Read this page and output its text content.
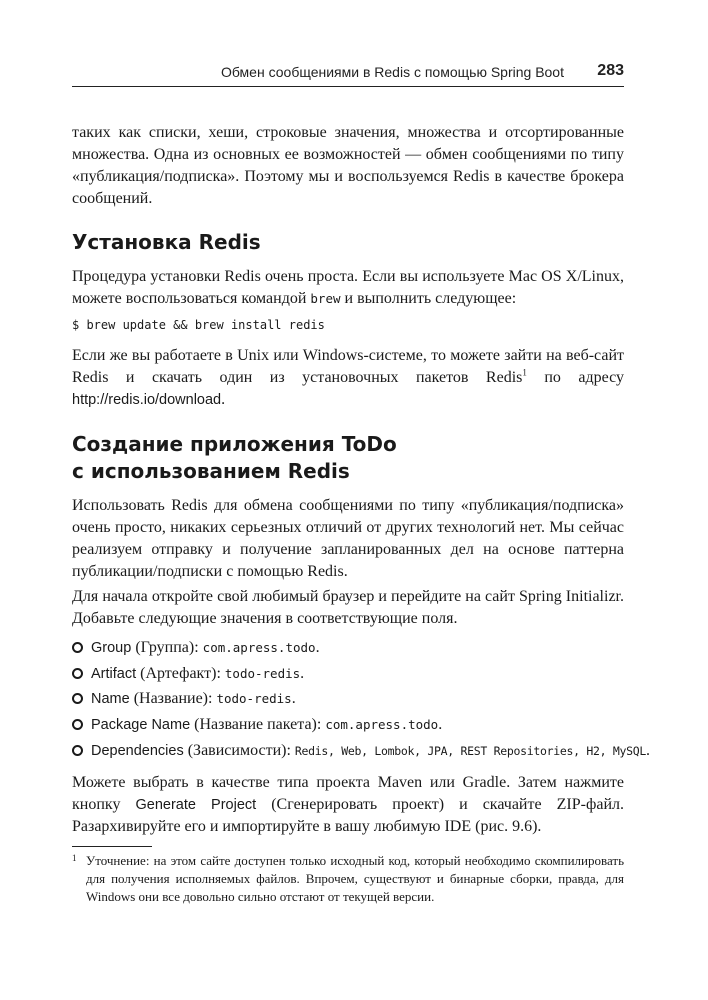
Обмен сообщениями в Redis с помощью Spring Boot 283

таких как списки, хеши, строковые значения, множества и отсортированные множества. Одна из основных ее возможностей — обмен сообщениями по типу «публикация/подписка». Поэтому мы и воспользуемся Redis в качестве брокера сообщений.

Установка Redis

Процедура установки Redis очень проста. Если вы используете Mac OS X/Linux, можете воспользоваться командой brew и выполнить следующее:

$ brew update && brew install redis

Если же вы работаете в Unix или Windows-системе, то можете зайти на веб-сайт Redis и скачать один из установочных пакетов Redis$^1$ по адресу http://redis.io/download.

Создание приложения ToDo
с использованием Redis

Использовать Redis для обмена сообщениями по типу «публикация/подписка» очень просто, никаких серьезных отличий от других технологий нет. Мы сейчас реализуем отправку и получение запланированных дел на основе паттерна публикации/подписки с помощью Redis.

Для начала откройте свой любимый браузер и перейдите на сайт Spring Initializr. Добавьте следующие значения в соответствующие поля.

Group (Группа): com.apress.todo.
Artifact (Артефакт): todo-redis.
Name (Название): todo-redis.
Package Name (Название пакета): com.apress.todo.
Dependencies (Зависимости): Redis, Web, Lombok, JPA, REST Repositories, H2, MySQL.

Можете выбрать в качестве типа проекта Maven или Gradle. Затем нажмите кнопку Generate Project (Сгенерировать проект) и скачайте ZIP-файл. Разархивируйте его и импортируйте в вашу любимую IDE (рис. 9.6).

1 Уточнение: на этом сайте доступен только исходный код, который необходимо скомпилировать для получения исполняемых файлов. Впрочем, существуют и бинарные сборки, правда, для Windows они все довольно сильно отстают от текущей версии.
